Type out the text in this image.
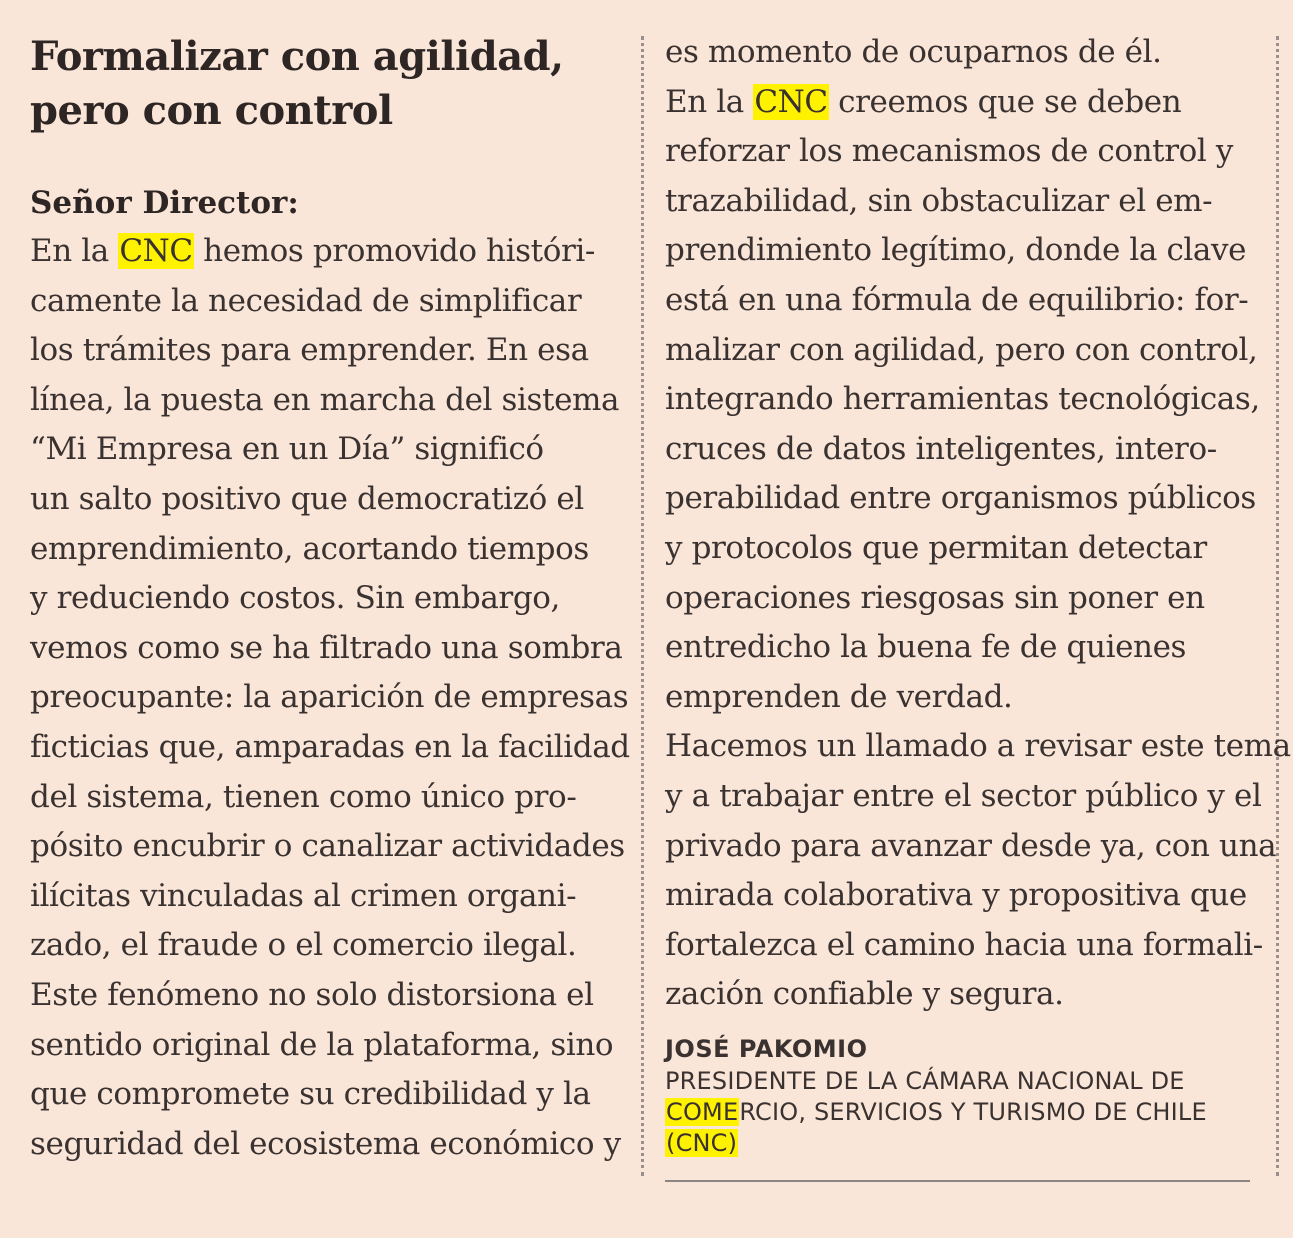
Formalizar con agilidad,
pero con control
Señor Director:
En la CNC hemos promovido históri-
camente la necesidad de simplificar
los trámites para emprender. En esa
línea, la puesta en marcha del sistema
“Mi Empresa en un Día” significó
un salto positivo que democratizó el
emprendimiento, acortando tiempos
y reduciendo costos. Sin embargo,
vemos como se ha filtrado una sombra
preocupante: la aparición de empresas
ficticias que, amparadas en la facilidad
del sistema, tienen como único pro-
pósito encubrir o canalizar actividades
ilícitas vinculadas al crimen organi-
zado, el fraude o el comercio ilegal.
Este fenómeno no solo distorsiona el
sentido original de la plataforma, sino
que compromete su credibilidad y la
seguridad del ecosistema económico y
es momento de ocuparnos de él.
En la CNC creemos que se deben
reforzar los mecanismos de control y
trazabilidad, sin obstaculizar el em-
prendimiento legítimo, donde la clave
está en una fórmula de equilibrio: for-
malizar con agilidad, pero con control,
integrando herramientas tecnológicas,
cruces de datos inteligentes, intero-
perabilidad entre organismos públicos
y protocolos que permitan detectar
operaciones riesgosas sin poner en
entredicho la buena fe de quienes
emprenden de verdad.
Hacemos un llamado a revisar este tema
y a trabajar entre el sector público y el
privado para avanzar desde ya, con una
mirada colaborativa y propositiva que
fortalezca el camino hacia una formali-
zación confiable y segura.
JOSÉ PAKOMIO
PRESIDENTE DE LA CÁMARA NACIONAL DE
COMERCIO, SERVICIOS Y TURISMO DE CHILE
(CNC)
